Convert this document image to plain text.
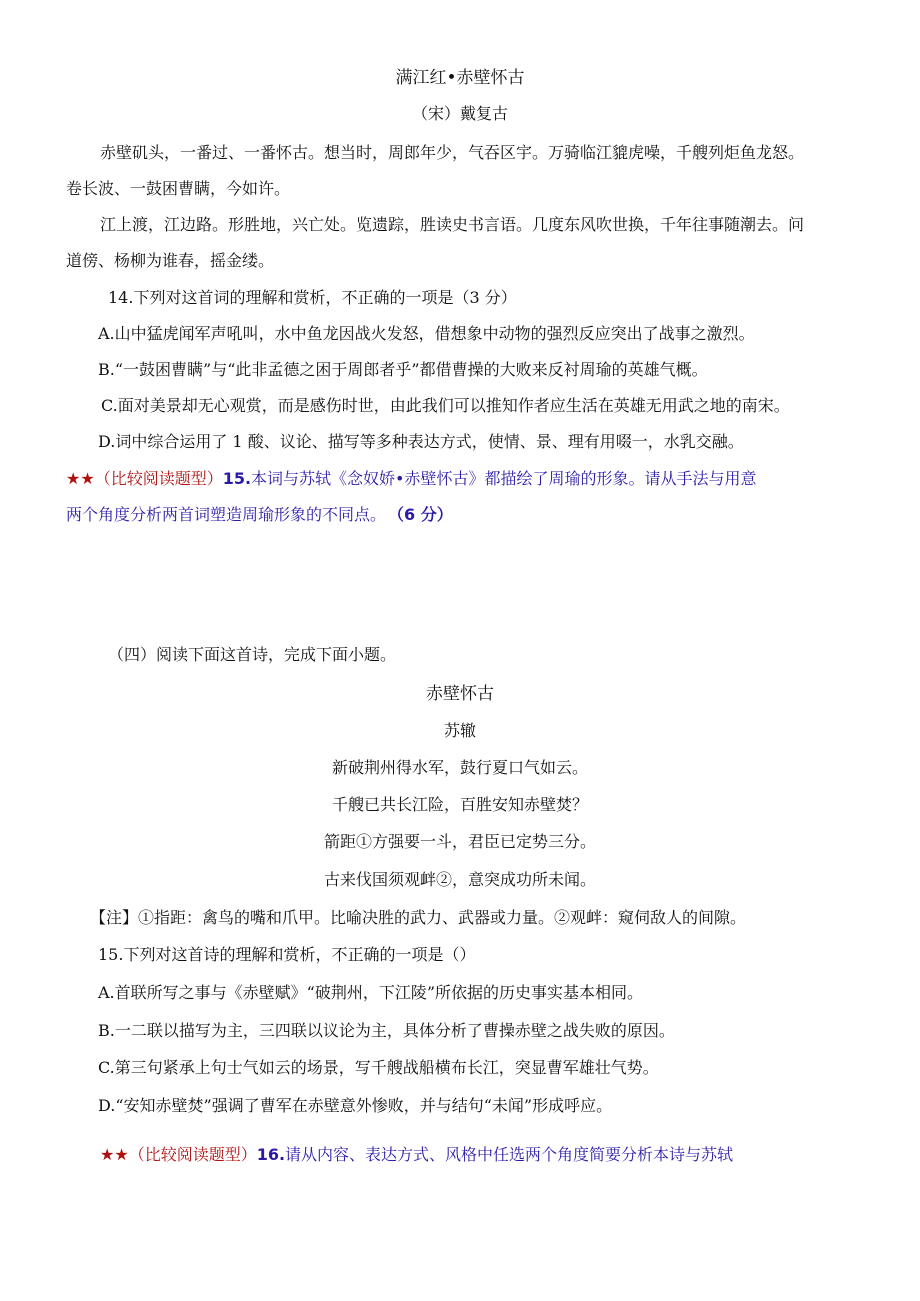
满江红•赤壁怀古
（宋）戴复古
赤壁矶头，一番过、一番怀古。想当时，周郎年少，气吞区宇。万骑临江貔虎噪，千艘列炬鱼龙怒。
卷长波、一鼓困曹瞒，今如许。
江上渡，江边路。形胜地，兴亡处。览遗踪，胜读史书言语。几度东风吹世换，千年往事随潮去。问
道傍、杨柳为谁春，摇金缕。
14.下列对这首词的理解和赏析，不正确的一项是（3 分）
A.山中猛虎闻军声吼叫，水中鱼龙因战火发怒，借想象中动物的强烈反应突出了战事之激烈。
B.“一鼓困曹瞒”与“此非孟德之困于周郎者乎”都借曹操的大败来反衬周瑜的英雄气概。
C.面对美景却无心观赏，而是感伤时世，由此我们可以推知作者应生活在英雄无用武之地的南宋。
D.词中综合运用了 1 酸、议论、描写等多种表达方式，使情、景、理有用啜一，水乳交融。
★★（比较阅读题型）15.本词与苏轼《念奴娇•赤壁怀古》都描绘了周瑜的形象。请从手法与用意
两个角度分析两首词塑造周瑜形象的不同点。 （6 分）
（四）阅读下面这首诗，完成下面小题。
赤壁怀古
苏辙
新破荆州得水军，鼓行夏口气如云。
千艘已共长江险，百胜安知赤壁焚？
箭距①方强要一斗，君臣已定势三分。
古来伐国须观衅②，意突成功所未闻。
【注】①指距：禽鸟的嘴和爪甲。比喻决胜的武力、武器或力量。②观衅：窥伺敌人的间隙。
15.下列对这首诗的理解和赏析，不正确的一项是（）
A.首联所写之事与《赤壁赋》“破荆州，下江陵”所依据的历史事实基本相同。
B.一二联以描写为主，三四联以议论为主，具体分析了曹操赤壁之战失败的原因。
C.第三句紧承上句士气如云的场景，写千艘战船横布长江，突显曹军雄壮气势。
D.“安知赤壁焚”强调了曹军在赤壁意外惨败，并与结句“未闻”形成呼应。
★★（比较阅读题型）16.请从内容、表达方式、风格中任选两个角度简要分析本诗与苏轼
